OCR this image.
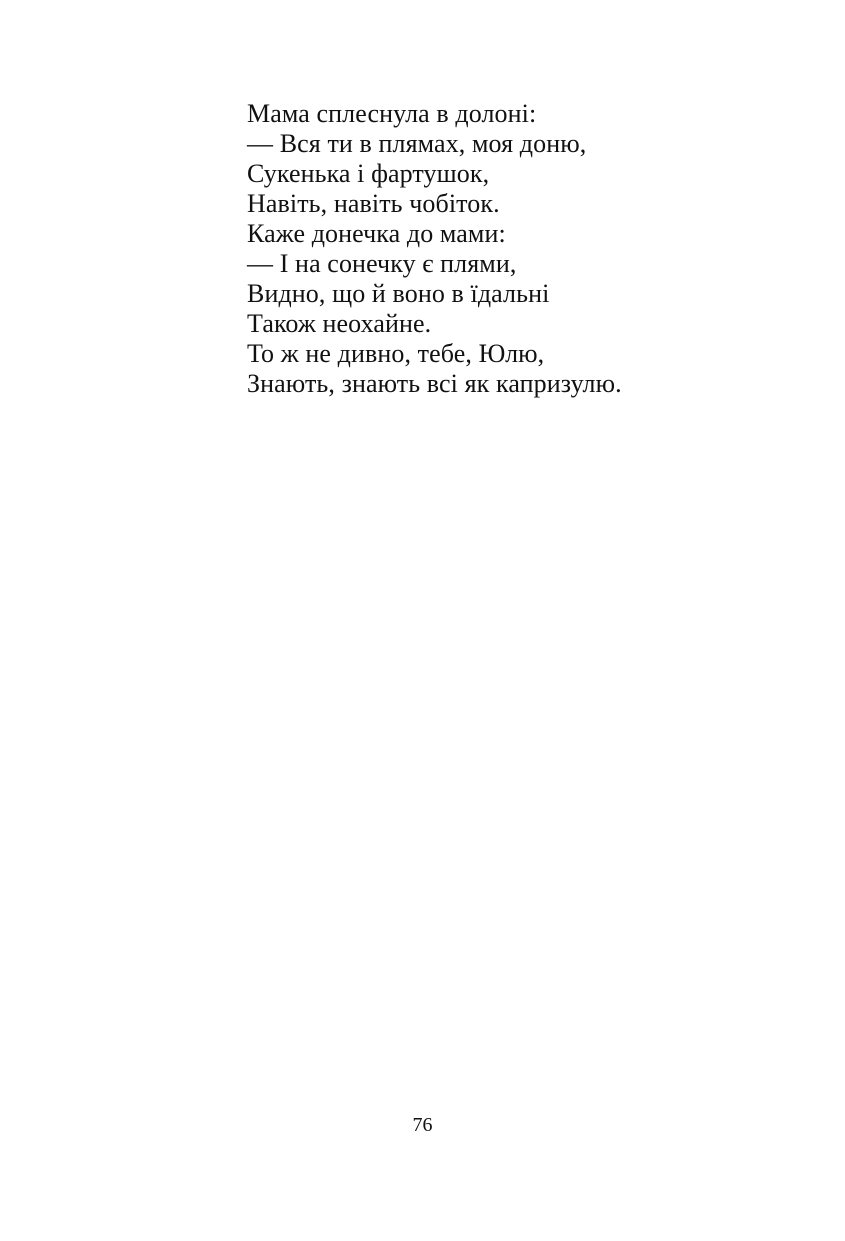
Мама сплеснула в долоні:
— Вся ти в плямах, моя доню,
Сукенька і фартушок,
Навіть, навіть чобіток.
Каже донечка до мами:
— І на сонечку є плями,
Видно, що й воно в їдальні
Також неохайне.
То ж не дивно, тебе, Юлю,
Знають, знають всі як капризулю.
76
